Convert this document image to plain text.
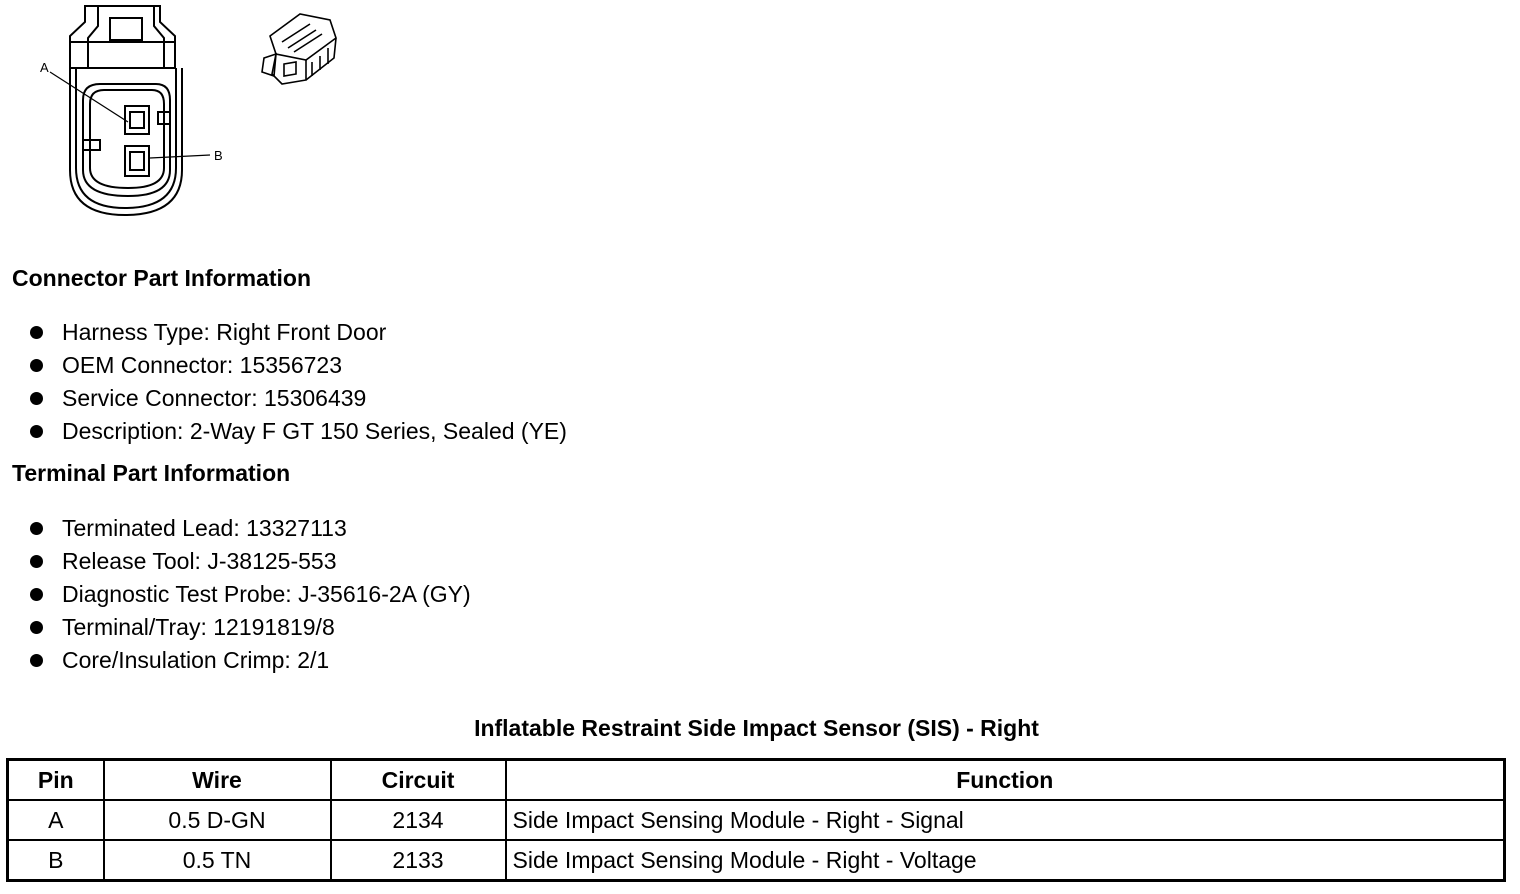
A
B
Connector Part Information
Harness Type: Right Front Door
OEM Connector: 15356723
Service Connector: 15306439
Description: 2-Way F GT 150 Series, Sealed (YE)
Terminal Part Information
Terminated Lead: 13327113
Release Tool: J-38125-553
Diagnostic Test Probe: J-35616-2A (GY)
Terminal/Tray: 12191819/8
Core/Insulation Crimp: 2/1
Inflatable Restraint Side Impact Sensor (SIS) - Right
Pin	Wire	Circuit	Function
A	0.5 D-GN	2134	Side Impact Sensing Module - Right - Signal
B	0.5 TN	2133	Side Impact Sensing Module - Right - Voltage
